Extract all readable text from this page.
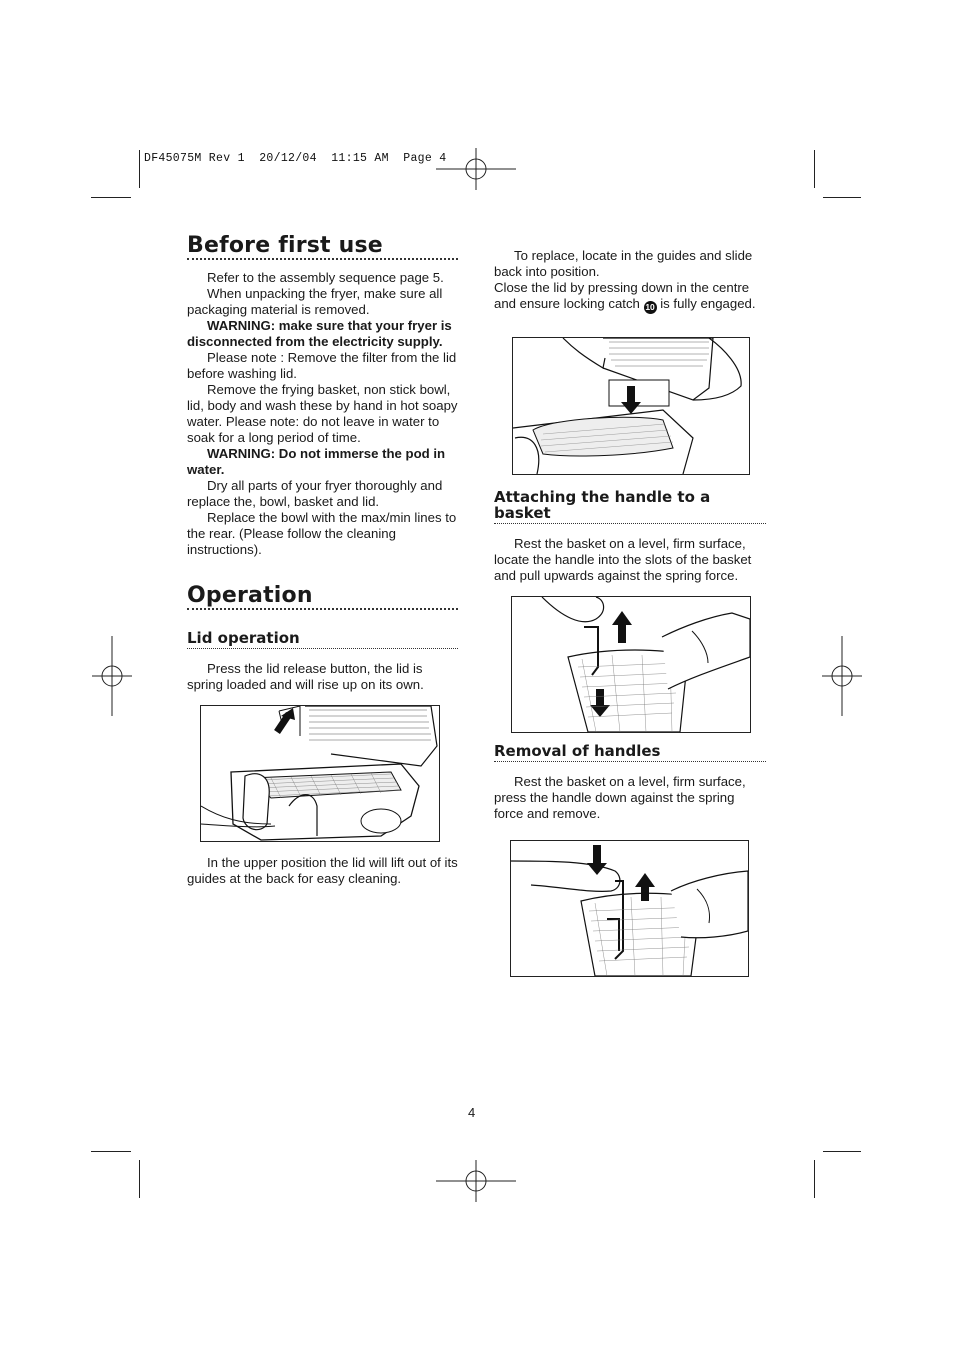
DF45075M Rev 1  20/12/04  11:15 AM  Page 4
Before first use

Refer to the assembly sequence page 5.

When unpacking the fryer, make sure all packaging material is removed.

WARNING: make sure that your fryer is disconnected from the electricity supply.

Please note : Remove the filter from the lid before washing lid.

Remove the frying basket, non stick bowl, lid, body and wash these by hand in hot soapy water. Please note: do not leave in water to soak for a long period of time.

WARNING: Do not immerse the pod in water.

Dry all parts of your fryer thoroughly and replace the, bowl, basket and lid.

Replace the bowl with the max/min lines to the rear. (Please follow the cleaning instructions).

Operation
Lid operation

Press the lid release button, the lid is spring loaded and will rise up on its own.

In the upper position the lid will lift out of its guides at the back for easy cleaning.

To replace, locate in the guides and slide back into position.

Close the lid by pressing down in the centre and ensure locking catch 10 is fully engaged.

Attaching the handle to a basket

Rest the basket on a level, firm surface, locate the handle into the slots of the basket and pull upwards against the spring force.

Removal of handles

Rest the basket on a level, firm surface, press the handle down against the spring force and remove.

4
